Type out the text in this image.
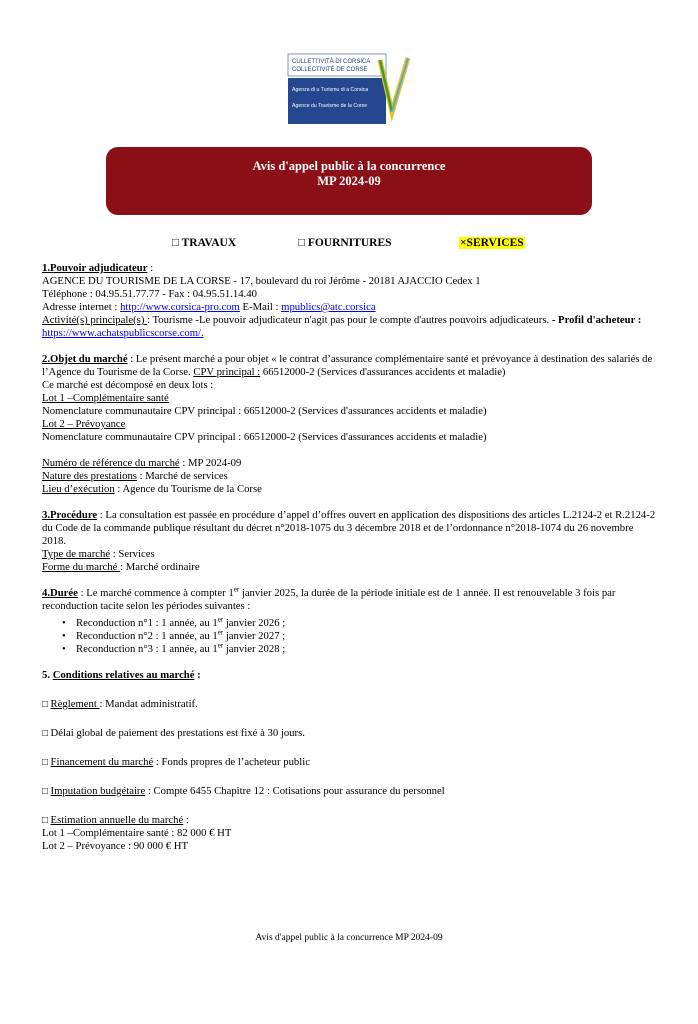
CULLETTIVITÀ DI CORSICA
COLLECTIVITÉ DE CORSE
Agenza di u Turismu di a Corsica
Agence du Tourisme de la Corse
Avis d'appel public à la concurrence
MP 2024-09
□ TRAVAUX	□ FOURNITURES	×SERVICES

1.Pouvoir adjudicateur :

AGENCE DU TOURISME DE LA CORSE - 17, boulevard du roi Jérôme - 20181 AJACCIO Cedex 1

Téléphone : 04.95.51.77.77 - Fax : 04.95.51.14.40

Adresse internet : http://www.corsica-pro.com E-Mail : mpublics@atc.corsica

Activité(s) principale(s) : Tourisme -Le pouvoir adjudicateur n'agit pas pour le compte d'autres pouvoirs adjudicateurs. - Profil d'acheteur : https://www.achatspublicscorse.com/.

2.Objet du marché : Le présent marché a pour objet « le contrat d’assurance complémentaire santé et prévoyance à destination des salariés de l’Agence du Tourisme de la Corse. CPV principal : 66512000-2 (Services d'assurances accidents et maladie)

Ce marché est décomposé en deux lots :

Lot 1 –Complémentaire santé

Nomenclature communautaire CPV principal : 66512000-2 (Services d'assurances accidents et maladie)

Lot 2 – Prévoyance

Nomenclature communautaire CPV principal : 66512000-2 (Services d'assurances accidents et maladie)

Numéro de référence du marché : MP 2024-09

Nature des prestations : Marché de services

Lieu d’exécution : Agence du Tourisme de la Corse

3.Procédure : La consultation est passée en procédure d’appel d’offres ouvert en application des dispositions des articles L.2124-2 et R.2124-2 du Code de la commande publique résultant du décret n°2018-1075 du 3 décembre 2018 et de l’ordonnance n°2018-1074 du 26 novembre 2018.

Type de marché : Services

Forme du marché : Marché ordinaire

4.Durée : Le marché commence à compter 1er janvier 2025, la durée de la période initiale est de 1 année. Il est renouvelable 3 fois par reconduction tacite selon les périodes suivantes :

• Reconduction n°1 : 1 année, au 1er janvier 2026 ;
• Reconduction n°2 : 1 année, au 1er janvier 2027 ;
• Reconduction n°3 : 1 année, au 1er janvier 2028 ;

5. Conditions relatives au marché :

□ Règlement : Mandat administratif.

□ Délai global de paiement des prestations est fixé à 30 jours.

□ Financement du marché : Fonds propres de l’acheteur public

□ Imputation budgétaire : Compte 6455 Chapitre 12 : Cotisations pour assurance du personnel

□ Estimation annuelle du marché :

Lot 1 –Complémentaire santé : 82 000 € HT

Lot 2 – Prévoyance : 90 000 € HT

Avis d'appel public à la concurrence MP 2024-09
